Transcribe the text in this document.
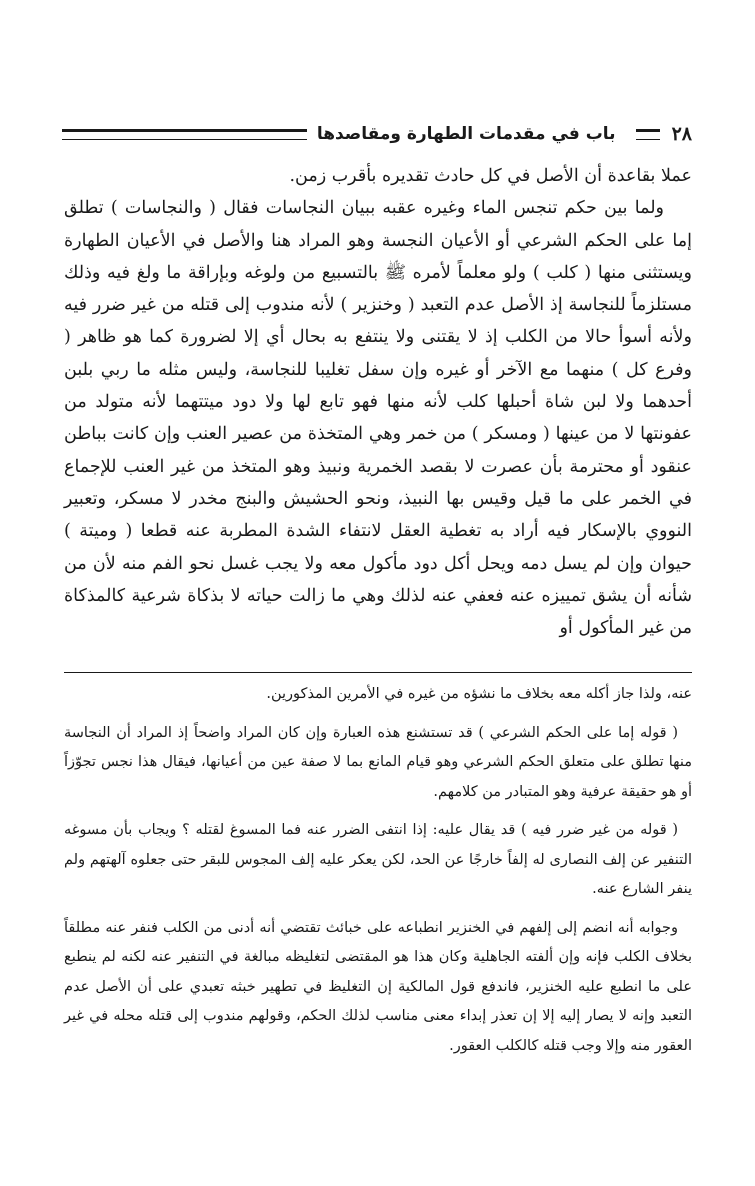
٢٨
باب في مقدمات الطهارة ومقاصدها

عملا بقاعدة أن الأصل في كل حادث تقديره بأقرب زمن.

ولما بين حكم تنجس الماء وغيره عقبه ببيان النجاسات فقال ( والنجاسات ) تطلق إما على الحكم الشرعي أو الأعيان النجسة وهو المراد هنا والأصل في الأعيان الطهارة ويستثنى منها ( كلب ) ولو معلماً لأمره ﷺ بالتسبيع من ولوغه وبإراقة ما ولغ فيه وذلك مستلزماً للنجاسة إذ الأصل عدم التعبد ( وخنزير ) لأنه مندوب إلى قتله من غير ضرر فيه ولأنه أسوأ حالا من الكلب إذ لا يقتنى ولا ينتفع به بحال أي إلا لضرورة كما هو ظاهر ( وفرع كل ) منهما مع الآخر أو غيره وإن سفل تغليبا للنجاسة، وليس مثله ما ربي بلبن أحدهما ولا لبن شاة أحبلها كلب لأنه منها فهو تابع لها ولا دود ميتتهما لأنه متولد من عفونتها لا من عينها ( ومسكر ) من خمر وهي المتخذة من عصير العنب وإن كانت بباطن عنقود أو محترمة بأن عصرت لا بقصد الخمرية ونبيذ وهو المتخذ من غير العنب للإجماع في الخمر على ما قيل وقيس بها النبيذ، ونحو الحشيش والبنج مخدر لا مسكر، وتعبير النووي بالإسكار فيه أراد به تغطية العقل لانتفاء الشدة المطربة عنه قطعا ( وميتة ) حيوان وإن لم يسل دمه ويحل أكل دود مأكول معه ولا يجب غسل نحو الفم منه لأن من شأنه أن يشق تمييزه عنه فعفي عنه لذلك وهي ما زالت حياته لا بذكاة شرعية كالمذكاة من غير المأكول أو

عنه، ولذا جاز أكله معه بخلاف ما نشؤه من غيره في الأمرين المذكورين.

( قوله إما على الحكم الشرعي ) قد تستشنع هذه العبارة وإن كان المراد واضحاً إذ المراد أن النجاسة منها تطلق على متعلق الحكم الشرعي وهو قيام المانع بما لا صفة عين من أعيانها، فيقال هذا نجس تجوّزاً أو هو حقيقة عرفية وهو المتبادر من كلامهم.

( قوله من غير ضرر فيه ) قد يقال عليه: إذا انتفى الضرر عنه فما المسوغ لقتله ؟ ويجاب بأن مسوغه التنفير عن إلف النصارى له إلفاً خارجًا عن الحد، لكن يعكر عليه إلف المجوس للبقر حتى جعلوه آلهتهم ولم ينفر الشارع عنه.

وجوابه أنه انضم إلى إلفهم في الخنزير انطباعه على خبائث تقتضي أنه أدنى من الكلب فنفر عنه مطلقاً بخلاف الكلب فإنه وإن ألفته الجاهلية وكان هذا هو المقتضى لتغليظه مبالغة في التنفير عنه لكنه لم ينطبع على ما انطبع عليه الخنزير، فاندفع قول المالكية إن التغليظ في تطهير خبثه تعبدي على أن الأصل عدم التعبد وإنه لا يصار إليه إلا إن تعذر إبداء معنى مناسب لذلك الحكم، وقولهم مندوب إلى قتله محله في غير العقور منه وإلا وجب قتله كالكلب العقور.
